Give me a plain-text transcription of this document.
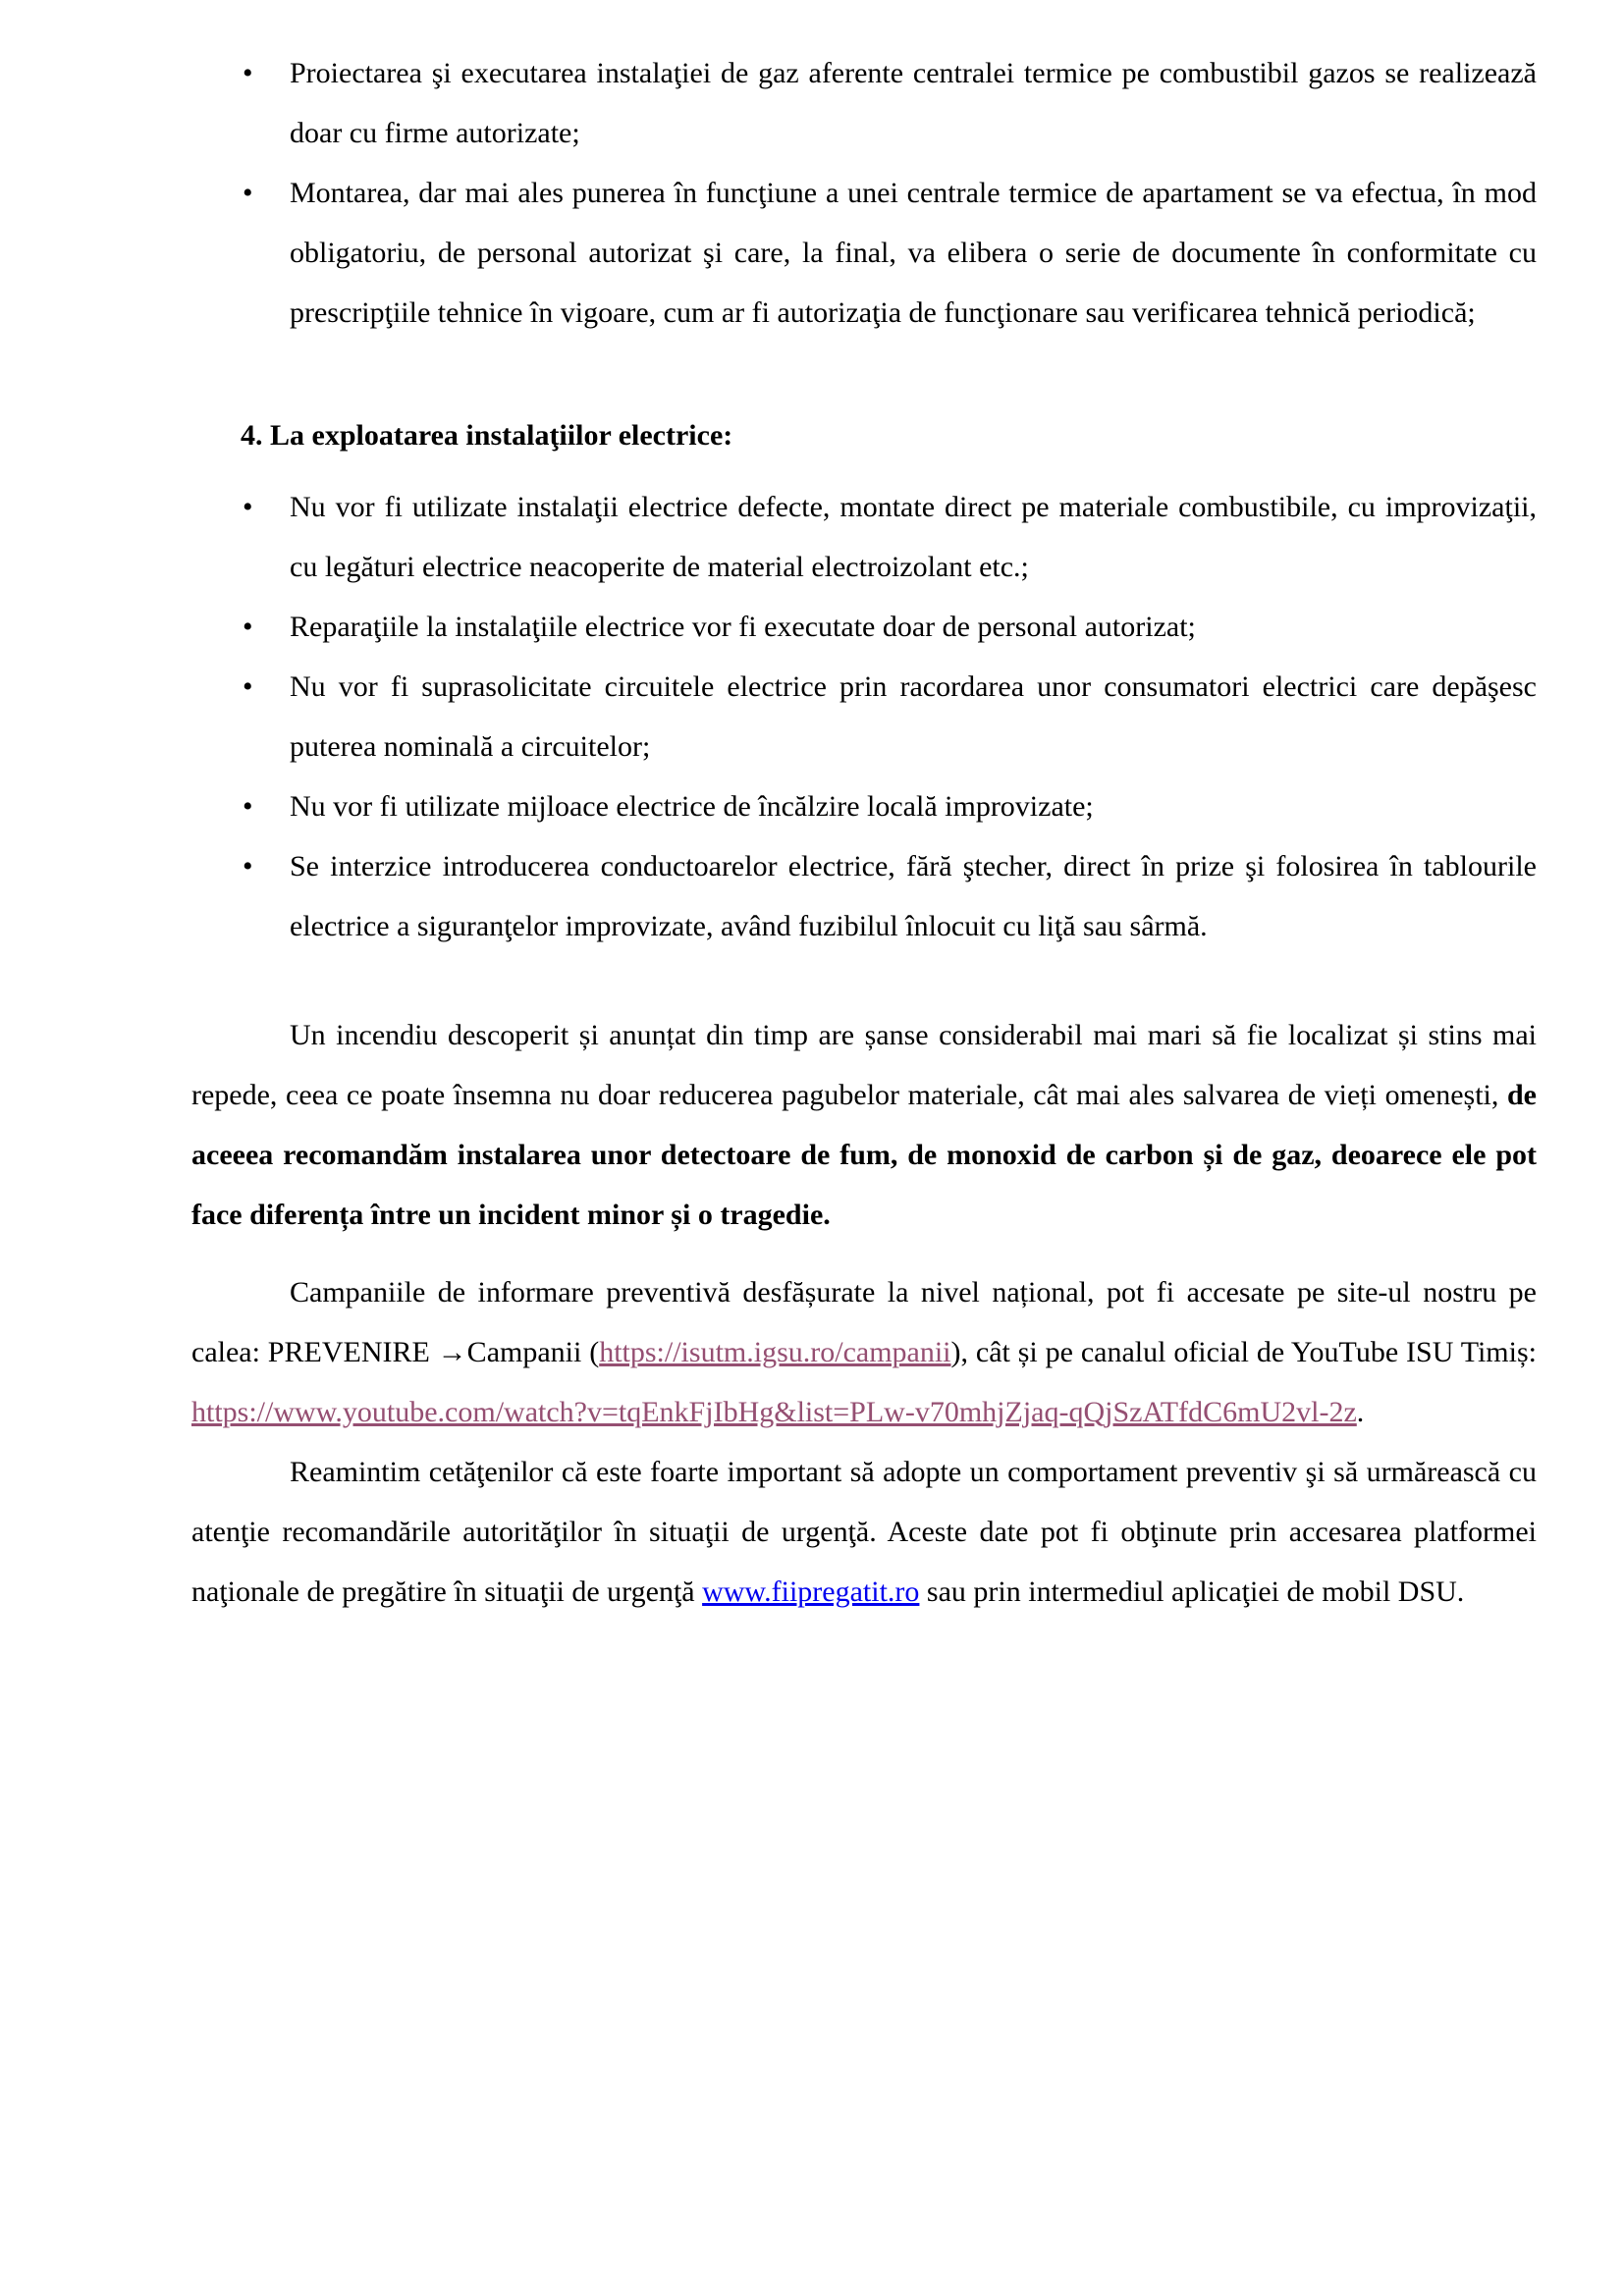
• Proiectarea şi executarea instalaţiei de gaz aferente centralei termice pe combustibil gazos se realizează doar cu firme autorizate;
• Montarea, dar mai ales punerea în funcţiune a unei centrale termice de apartament se va efectua, în mod obligatoriu, de personal autorizat şi care, la final, va elibera o serie de documente în conformitate cu prescripţiile tehnice în vigoare, cum ar fi autorizaţia de funcţionare sau verificarea tehnică periodică;
4. La exploatarea instalaţiilor electrice:
• Nu vor fi utilizate instalaţii electrice defecte, montate direct pe materiale combustibile, cu improvizaţii, cu legături electrice neacoperite de material electroizolant etc.;
• Reparaţiile la instalaţiile electrice vor fi executate doar de personal autorizat;
• Nu vor fi suprasolicitate circuitele electrice prin racordarea unor consumatori electrici care depăşesc puterea nominală a circuitelor;
• Nu vor fi utilizate mijloace electrice de încălzire locală improvizate;
• Se interzice introducerea conductoarelor electrice, fără ştecher, direct în prize şi folosirea în tablourile electrice a siguranţelor improvizate, având fuzibilul înlocuit cu liţă sau sârmă.

Un incendiu descoperit și anunțat din timp are șanse considerabil mai mari să fie localizat și stins mai repede, ceea ce poate însemna nu doar reducerea pagubelor materiale, cât mai ales salvarea de vieți omenești, de aceeea recomandăm instalarea unor detectoare de fum, de monoxid de carbon și de gaz, deoarece ele pot face diferența între un incident minor și o tragedie.

Campaniile de informare preventivă desfășurate la nivel național, pot fi accesate pe site-ul nostru pe calea: PREVENIRE →Campanii (https://isutm.igsu.ro/campanii), cât și pe canalul oficial de YouTube ISU Timiș: https://www.youtube.com/watch?v=tqEnkFjIbHg&list=PLw-v70mhjZjaq-qQjSzATfdC6mU2vl-2z.

Reamintim cetăţenilor că este foarte important să adopte un comportament preventiv şi să urmărească cu atenţie recomandările autorităţilor în situaţii de urgenţă. Aceste date pot fi obţinute prin accesarea platformei naţionale de pregătire în situaţii de urgenţă www.fiipregatit.ro sau prin intermediul aplicaţiei de mobil DSU.
